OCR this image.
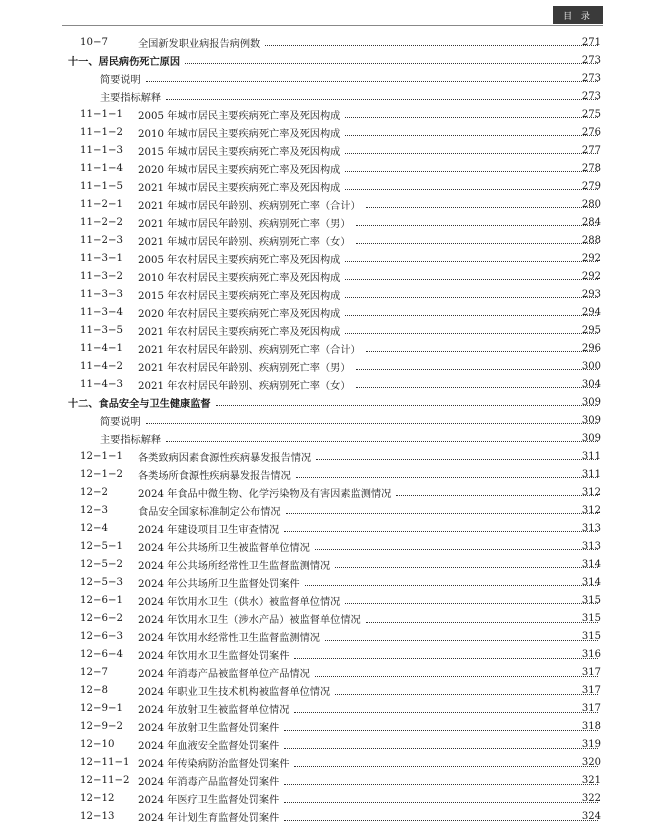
目 录
10−7	全国新发职业病报告病例数	271
十一、居民病伤死亡原因	273
简要说明	273
主要指标解释	273
11−1−1 2005 年城市居民主要疾病死亡率及死因构成	275
11−1−2 2010 年城市居民主要疾病死亡率及死因构成	276
11−1−3 2015 年城市居民主要疾病死亡率及死因构成	277
11−1−4 2020 年城市居民主要疾病死亡率及死因构成	278
11−1−5 2021 年城市居民主要疾病死亡率及死因构成	279
11−2−1 2021 年城市居民年龄别、疾病别死亡率（合计）	280
11−2−2 2021 年城市居民年龄别、疾病别死亡率（男）	284
11−2−3 2021 年城市居民年龄别、疾病别死亡率（女）	288
11−3−1 2005 年农村居民主要疾病死亡率及死因构成	292
11−3−2 2010 年农村居民主要疾病死亡率及死因构成	292
11−3−3 2015 年农村居民主要疾病死亡率及死因构成	293
11−3−4 2020 年农村居民主要疾病死亡率及死因构成	294
11−3−5 2021 年农村居民主要疾病死亡率及死因构成	295
11−4−1 2021 年农村居民年龄别、疾病别死亡率（合计）	296
11−4−2 2021 年农村居民年龄别、疾病别死亡率（男）	300
11−4−3 2021 年农村居民年龄别、疾病别死亡率（女）	304
十二、食品安全与卫生健康监督	309
简要说明	309
主要指标解释	309
12−1−1 各类致病因素食源性疾病暴发报告情况	311
12−1−2 各类场所食源性疾病暴发报告情况	311
12−2	2024 年食品中微生物、化学污染物及有害因素监测情况	312
12−3	食品安全国家标准制定公布情况	312
12−4	2024 年建设项目卫生审查情况	313
12−5−1 2024 年公共场所卫生被监督单位情况	313
12−5−2 2024 年公共场所经常性卫生监督监测情况	314
12−5−3 2024 年公共场所卫生监督处罚案件	314
12−6−1 2024 年饮用水卫生（供水）被监督单位情况	315
12−6−2 2024 年饮用水卫生（涉水产品）被监督单位情况	315
12−6−3 2024 年饮用水经常性卫生监督监测情况	315
12−6−4 2024 年饮用水卫生监督处罚案件	316
12−7	2024 年消毒产品被监督单位产品情况	317
12−8	2024 年职业卫生技术机构被监督单位情况	317
12−9−1 2024 年放射卫生被监督单位情况	317
12−9−2 2024 年放射卫生监督处罚案件	318
12−10 2024 年血液安全监督处罚案件	319
12−11−1 2024 年传染病防治监督处罚案件	320
12−11−2 2024 年消毒产品监督处罚案件	321
12−12 2024 年医疗卫生监督处罚案件	322
12−13 2024 年计划生育监督处罚案件	324
